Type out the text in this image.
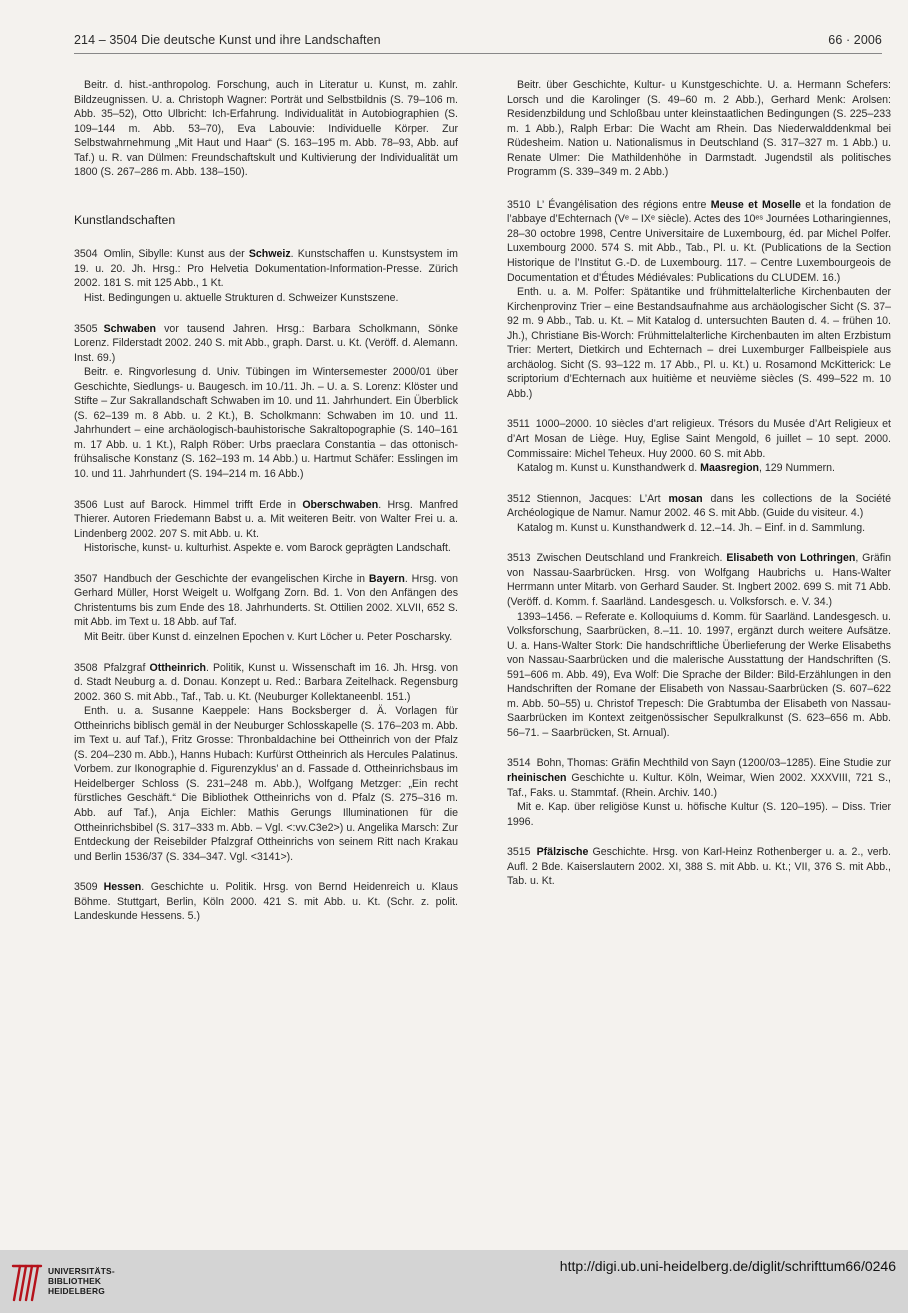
214 – 3504 Die deutsche Kunst und ihre Landschaften	66 · 2006

Beitr. d. hist.-anthropolog. Forschung, auch in Literatur u. Kunst, m. zahlr. Bildzeugnissen. U. a. Christoph Wagner: Porträt und Selbstbildnis (S. 79–106 m. Abb. 35–52), Otto Ulbricht: Ich-Erfahrung. Individualität in Autobiographien (S. 109–144 m. Abb. 53–70), Eva Labouvie: Individuelle Körper. Zur Selbstwahrnehmung „Mit Haut und Haar“ (S. 163–195 m. Abb. 78–93, Abb. auf Taf.) u. R. van Dülmen: Freundschaftskult und Kultivierung der Individualität um 1800 (S. 267–286 m. Abb. 138–150).

Kunstlandschaften

3504 Omlin, Sibylle: Kunst aus der Schweiz. Kunstschaffen u. Kunstsystem im 19. u. 20. Jh. Hrsg.: Pro Helvetia Dokumentation-Information-Presse. Zürich 2002. 181 S. mit 125 Abb., 1 Kt.

Hist. Bedingungen u. aktuelle Strukturen d. Schweizer Kunstszene.

3505 Schwaben vor tausend Jahren. Hrsg.: Barbara Scholkmann, Sönke Lorenz. Filderstadt 2002. 240 S. mit Abb., graph. Darst. u. Kt. (Veröff. d. Alemann. Inst. 69.)

Beitr. e. Ringvorlesung d. Univ. Tübingen im Wintersemester 2000/01 über Geschichte, Siedlungs- u. Baugesch. im 10./11. Jh. – U. a. S. Lorenz: Klöster und Stifte – Zur Sakrallandschaft Schwaben im 10. und 11. Jahrhundert. Ein Überblick (S. 62–139 m. 8 Abb. u. 2 Kt.), B. Scholkmann: Schwaben im 10. und 11. Jahrhundert – eine archäologisch-bauhistorische Sakraltopographie (S. 140–161 m. 17 Abb. u. 1 Kt.), Ralph Röber: Urbs praeclara Constantia – das ottonisch-frühsalische Konstanz (S. 162–193 m. 14 Abb.) u. Hartmut Schäfer: Esslingen im 10. und 11. Jahrhundert (S. 194–214 m. 16 Abb.)

3506 Lust auf Barock. Himmel trifft Erde in Oberschwaben. Hrsg. Manfred Thierer. Autoren Friedemann Babst u. a. Mit weiteren Beitr. von Walter Frei u. a. Lindenberg 2002. 207 S. mit Abb. u. Kt.

Historische, kunst- u. kulturhist. Aspekte e. vom Barock geprägten Landschaft.

3507 Handbuch der Geschichte der evangelischen Kirche in Bayern. Hrsg. von Gerhard Müller, Horst Weigelt u. Wolfgang Zorn. Bd. 1. Von den Anfängen des Christentums bis zum Ende des 18. Jahrhunderts. St. Ottilien 2002. XLVII, 652 S. mit Abb. im Text u. 18 Abb. auf Taf.

Mit Beitr. über Kunst d. einzelnen Epochen v. Kurt Löcher u. Peter Poscharsky.

3508 Pfalzgraf Ottheinrich. Politik, Kunst u. Wissenschaft im 16. Jh. Hrsg. von d. Stadt Neuburg a. d. Donau. Konzept u. Red.: Barbara Zeitelhack. Regensburg 2002. 360 S. mit Abb., Taf., Tab. u. Kt. (Neuburger Kollektaneenbl. 151.)

Enth. u. a. Susanne Kaeppele: Hans Bocksberger d. Ä. Vorlagen für Ottheinrichs biblisch gemäl in der Neuburger Schlosskapelle (S. 176–203 m. Abb. im Text u. auf Taf.), Fritz Grosse: Thronbaldachine bei Ottheinrich von der Pfalz (S. 204–230 m. Abb.), Hanns Hubach: Kurfürst Ottheinrich als Hercules Palatinus. Vorbem. zur Ikonographie d. Figurenzyklus’ an d. Fassade d. Ottheinrichsbaus im Heidelberger Schloss (S. 231–248 m. Abb.), Wolfgang Metzger: „Ein recht fürstliches Geschäft.“ Die Bibliothek Ottheinrichs von d. Pfalz (S. 275–316 m. Abb. auf Taf.), Anja Eichler: Mathis Gerungs Illuminationen für die Ottheinrichsbibel (S. 317–333 m. Abb. – Vgl. <:vv.C3e2>) u. Angelika Marsch: Zur Entdeckung der Reisebilder Pfalzgraf Ottheinrichs von seinem Ritt nach Krakau und Berlin 1536/37 (S. 334–347. Vgl. <3141>).

3509 Hessen. Geschichte u. Politik. Hrsg. von Bernd Heidenreich u. Klaus Böhme. Stuttgart, Berlin, Köln 2000. 421 S. mit Abb. u. Kt. (Schr. z. polit. Landeskunde Hessens. 5.)

Beitr. über Geschichte, Kultur- u Kunstgeschichte. U. a. Hermann Schefers: Lorsch und die Karolinger (S. 49–60 m. 2 Abb.), Gerhard Menk: Arolsen: Residenzbildung und Schloßbau unter kleinstaatlichen Bedingungen (S. 225–233 m. 1 Abb.), Ralph Erbar: Die Wacht am Rhein. Das Niederwalddenkmal bei Rüdesheim. Nation u. Nationalismus in Deutschland (S. 317–327 m. 1 Abb.) u. Renate Ulmer: Die Mathildenhöhe in Darmstadt. Jugendstil als politisches Programm (S. 339–349 m. 2 Abb.)

3510 L’ Évangélisation des régions entre Meuse et Moselle et la fondation de l’abbaye d’Echternach (Vᵉ – IXᵉ siècle). Actes des 10ᵉˢ Journées Lotharingiennes, 28–30 octobre 1998, Centre Universitaire de Luxembourg, éd. par Michel Polfer. Luxembourg 2000. 574 S. mit Abb., Tab., Pl. u. Kt. (Publications de la Section Historique de l’Institut G.-D. de Luxembourg. 117. – Centre Luxembourgeois de Documentation et d’Études Médiévales: Publications du CLUDEM. 16.)

Enth. u. a. M. Polfer: Spätantike und frühmittelalterliche Kirchenbauten der Kirchenprovinz Trier – eine Bestandsaufnahme aus archäologischer Sicht (S. 37–92 m. 9 Abb., Tab. u. Kt. – Mit Katalog d. untersuchten Bauten d. 4. – frühen 10. Jh.), Christiane Bis-Worch: Frühmittelalterliche Kirchenbauten im alten Erzbistum Trier: Mertert, Dietkirch und Echternach – drei Luxemburger Fallbeispiele aus archäolog. Sicht (S. 93–122 m. 17 Abb., Pl. u. Kt.) u. Rosamond McKitterick: Le scriptorium d’Echternach aux huitième et neuvième siècles (S. 499–522 m. 10 Abb.)

3511 1000–2000. 10 siècles d’art religieux. Trésors du Musée d’Art Religieux et d’Art Mosan de Liège. Huy, Eglise Saint Mengold, 6 juillet – 10 sept. 2000. Commissaire: Michel Teheux. Huy 2000. 60 S. mit Abb.

Katalog m. Kunst u. Kunsthandwerk d. Maasregion, 129 Nummern.

3512 Stiennon, Jacques: L’Art mosan dans les collections de la Société Archéologique de Namur. Namur 2002. 46 S. mit Abb. (Guide du visiteur. 4.)

Katalog m. Kunst u. Kunsthandwerk d. 12.–14. Jh. – Einf. in d. Sammlung.

3513 Zwischen Deutschland und Frankreich. Elisabeth von Lothringen, Gräfin von Nassau-Saarbrücken. Hrsg. von Wolfgang Haubrichs u. Hans-Walter Herrmann unter Mitarb. von Gerhard Sauder. St. Ingbert 2002. 699 S. mit 71 Abb. (Veröff. d. Komm. f. Saarländ. Landesgesch. u. Volksforsch. e. V. 34.)

1393–1456. – Referate e. Kolloquiums d. Komm. für Saarländ. Landesgesch. u. Volksforschung, Saarbrücken, 8.–11. 10. 1997, ergänzt durch weitere Aufsätze. U. a. Hans-Walter Stork: Die handschriftliche Überlieferung der Werke Elisabeths von Nassau-Saarbrücken und die malerische Ausstattung der Handschriften (S. 591–606 m. Abb. 49), Eva Wolf: Die Sprache der Bilder: Bild-Erzählungen in den Handschriften der Romane der Elisabeth von Nassau-Saarbrücken (S. 607–622 m. Abb. 50–55) u. Christof Trepesch: Die Grabtumba der Elisabeth von Nassau-Saarbrücken im Kontext zeitgenössischer Sepulkralkunst (S. 623–656 m. Abb. 56–71. – Saarbrücken, St. Arnual).

3514 Bohn, Thomas: Gräfin Mechthild von Sayn (1200/03–1285). Eine Studie zur rheinischen Geschichte u. Kultur. Köln, Weimar, Wien 2002. XXXVIII, 721 S., Taf., Faks. u. Stammtaf. (Rhein. Archiv. 140.)

Mit e. Kap. über religiöse Kunst u. höfische Kultur (S. 120–195). – Diss. Trier 1996.

3515 Pfälzische Geschichte. Hrsg. von Karl-Heinz Rothenberger u. a. 2., verb. Aufl. 2 Bde. Kaiserslautern 2002. XI, 388 S. mit Abb. u. Kt.; VII, 376 S. mit Abb., Tab. u. Kt.

UNIVERSITÄTS-
BIBLIOTHEK
HEIDELBERG
http://digi.ub.uni-heidelberg.de/diglit/schrifttum66/0246
